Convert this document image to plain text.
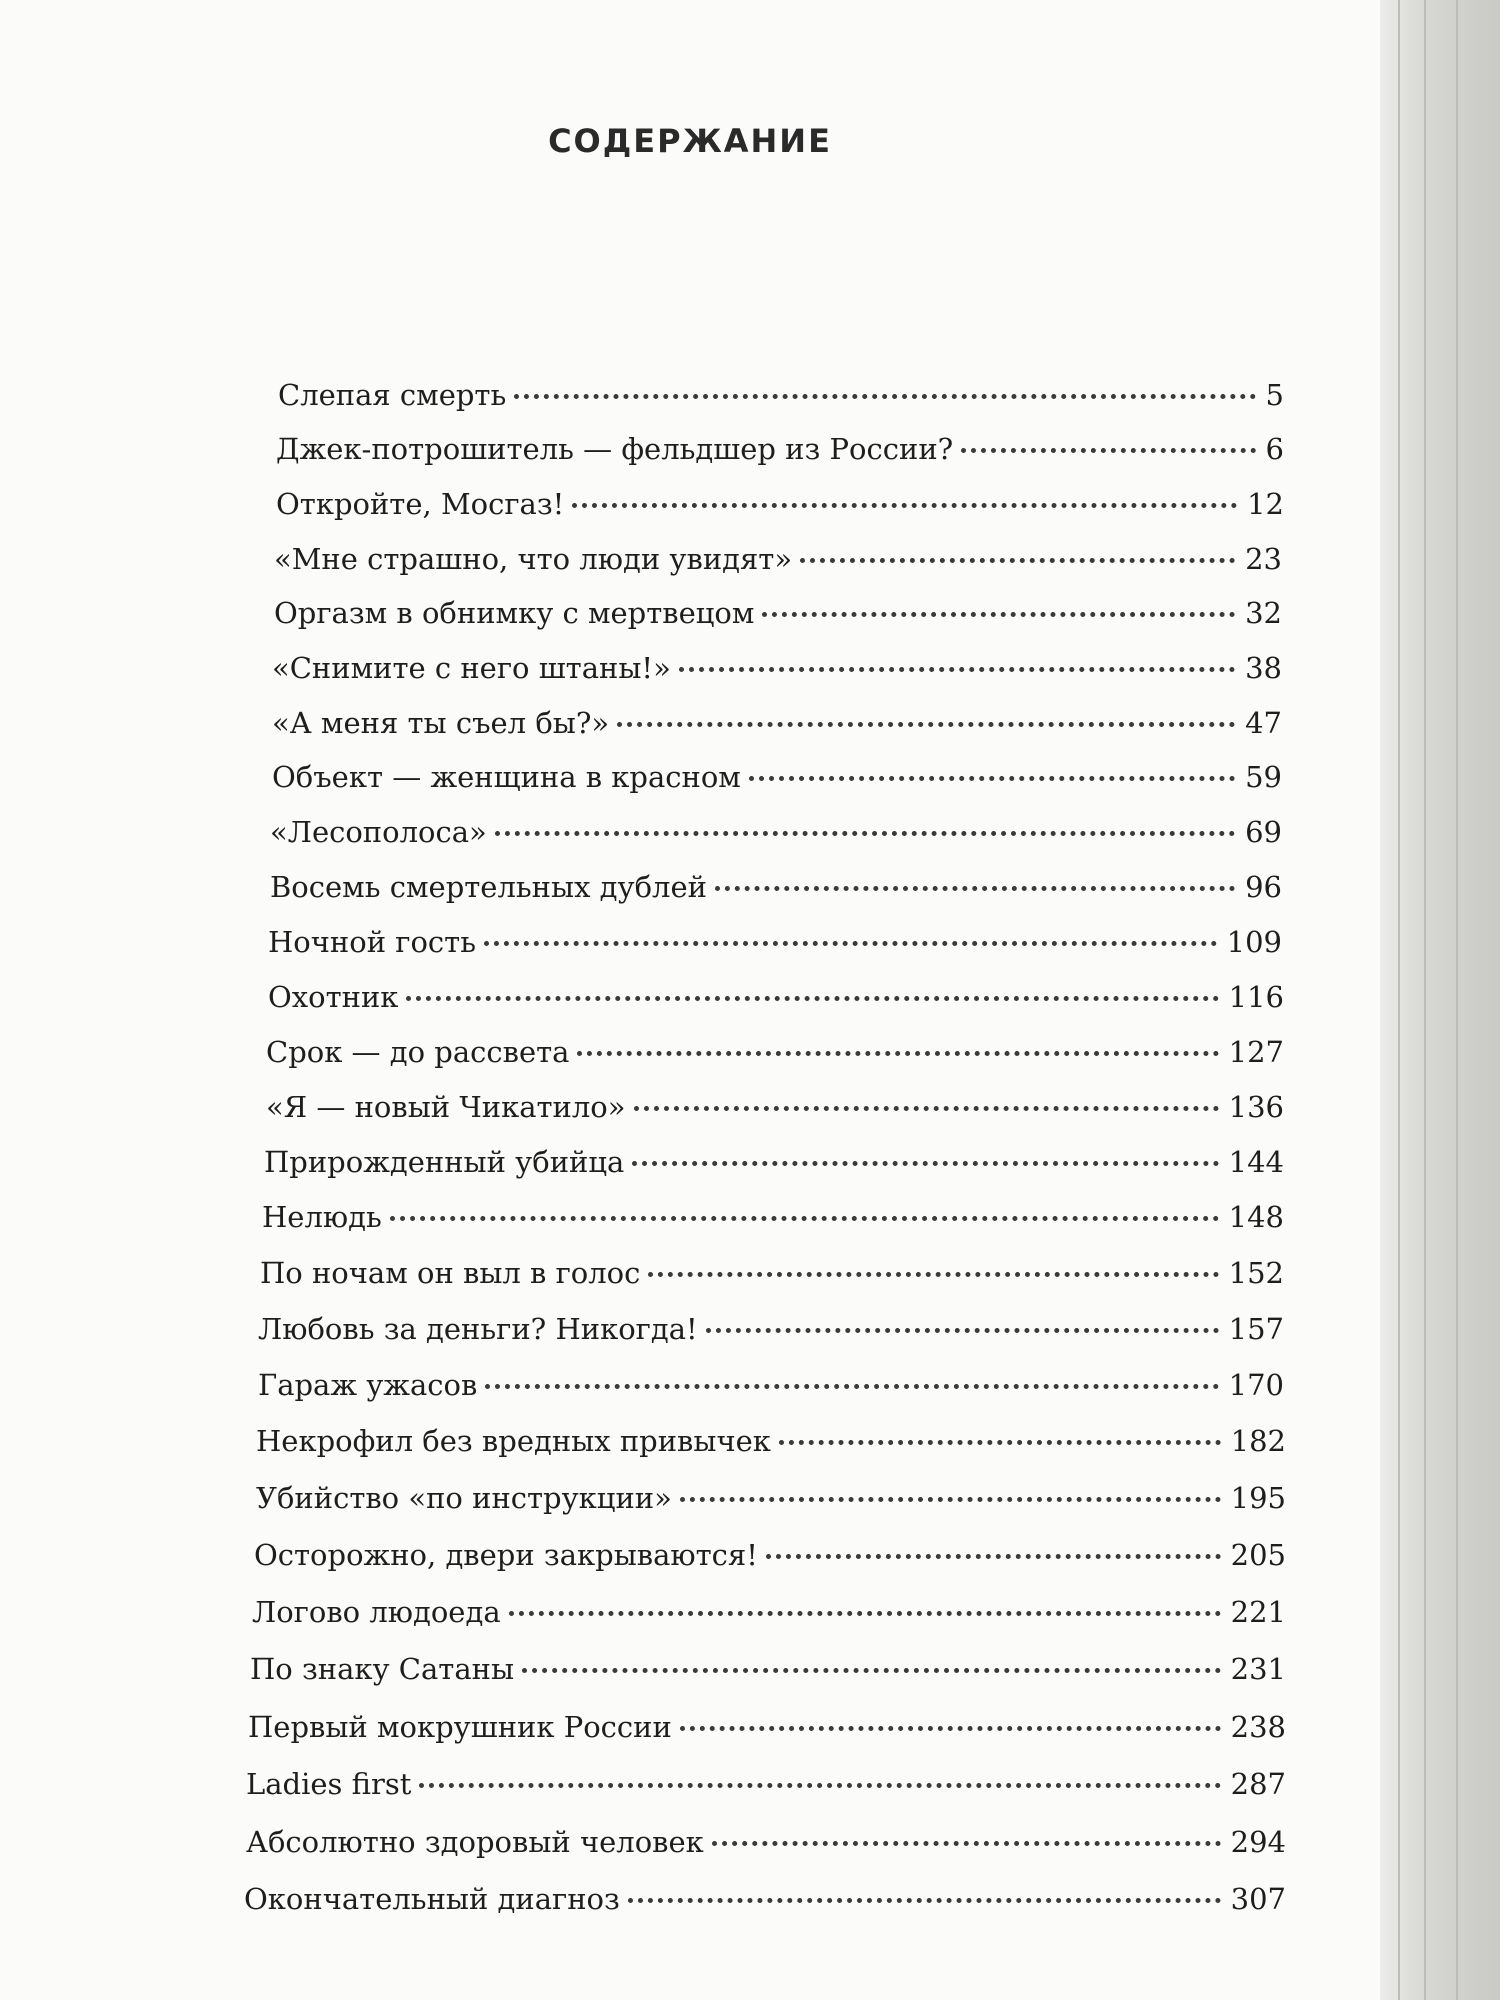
СОДЕРЖАНИЕ
Слепая смерть	5
Джек-потрошитель — фельдшер из России?	6
Откройте, Мосгаз!	12
«Мне страшно, что люди увидят»	23
Оргазм в обнимку с мертвецом	32
«Снимите с него штаны!»	38
«А меня ты съел бы?»	47
Объект — женщина в красном	59
«Лесополоса»	69
Восемь смертельных дублей	96
Ночной гость	109
Охотник	116
Срок — до рассвета	127
«Я — новый Чикатило»	136
Прирожденный убийца	144
Нелюдь	148
По ночам он выл в голос	152
Любовь за деньги? Никогда!	157
Гараж ужасов	170
Некрофил без вредных привычек	182
Убийство «по инструкции»	195
Осторожно, двери закрываются!	205
Логово людоеда	221
По знаку Сатаны	231
Первый мокрушник России	238
Ladies first	287
Абсолютно здоровый человек	294
Окончательный диагноз	307
